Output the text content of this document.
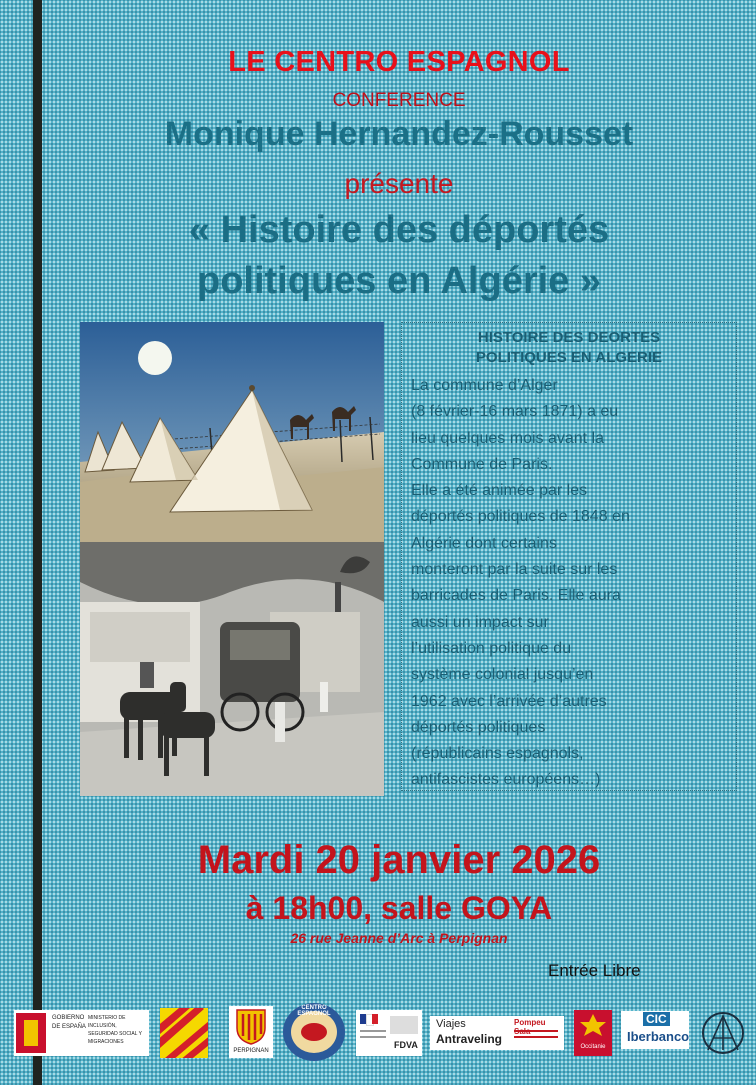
LE CENTRO ESPAGNOL

CONFERENCE

Monique Hernandez-Rousset

présente

« Histoire des déportés

politiques en Algérie »

HISTOIRE DES DEORTES

POLITIQUES EN ALGERIE

La commune d’Alger
(8 février-16 mars 1871) a eu
lieu quelques mois avant la
Commune de Paris.
Elle a été animée par les
déportés politiques de 1848 en
Algérie dont certains
monteront par la suite sur les
barricades de Paris. Elle aura
aussi un impact sur
l’utilisation politique du
système colonial jusqu’en
1962 avec l’arrivée d’autres
déportés politiques
(républicains espagnols,
antifascistes européens…)

Mardi 20 janvier 2026

à 18h00, salle GOYA

26 rue Jeanne d’Arc à Perpignan

Entrée Libre

GOBIERNO DE ESPAÑA
MINISTERIO DE INCLUSIÓN, SEGURIDAD SOCIAL Y MIGRACIONES
PERPIGNAN
CENTRO ESPAGNOL
FDVA
Viajes
Antraveling
Pompeu
Occitanie
CIC
Iberbanco
